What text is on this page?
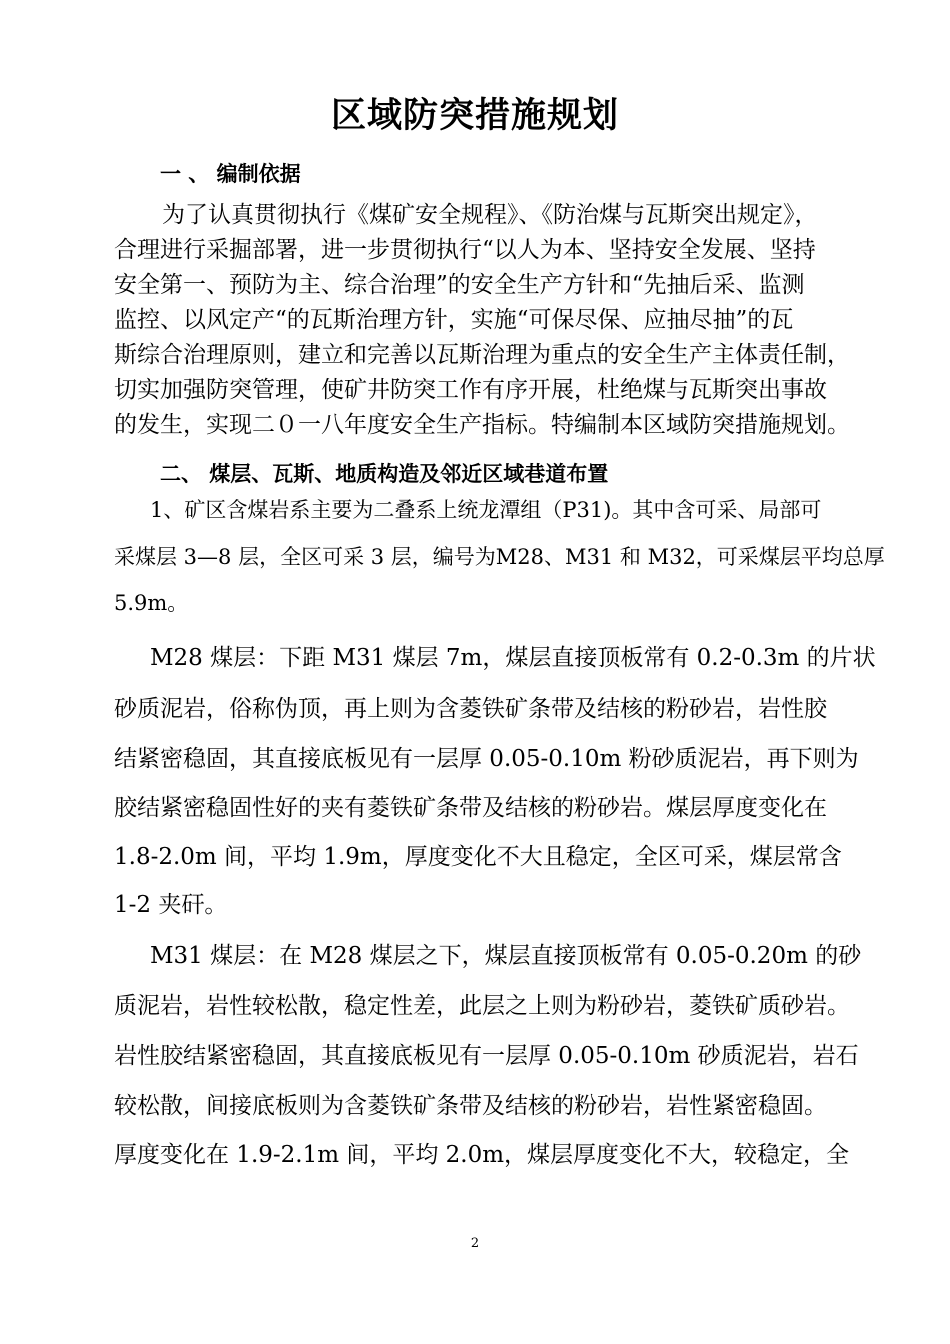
区域防突措施规划
一 、 编制依据
为了认真贯彻执行《煤矿安全规程》、《防治煤与瓦斯突出规定》，
合理进行采掘部署，进一步贯彻执行“以人为本、坚持安全发展、坚持
安全第一、预防为主、综合治理”的安全生产方针和“先抽后采、监测
监控、以风定产“的瓦斯治理方针，实施“可保尽保、应抽尽抽”的瓦
斯综合治理原则，建立和完善以瓦斯治理为重点的安全生产主体责任制，
切实加强防突管理，使矿井防突工作有序开展，杜绝煤与瓦斯突出事故
的发生，实现二０一八年度安全生产指标。特编制本区域防突措施规划。
二、 煤层、瓦斯、地质构造及邻近区域巷道布置
1、矿区含煤岩系主要为二叠系上统龙潭组（P31)。其中含可采、局部可
采煤层 3—8 层，全区可采 3 层，编号为M28、M31 和 M32，可采煤层平均总厚
5.9m。
M28 煤层：下距 M31 煤层 7m，煤层直接顶板常有 0.2-0.3m 的片状
砂质泥岩，俗称伪顶，再上则为含菱铁矿条带及结核的粉砂岩，岩性胶
结紧密稳固，其直接底板见有一层厚 0.05-0.10m 粉砂质泥岩，再下则为
胶结紧密稳固性好的夹有菱铁矿条带及结核的粉砂岩。煤层厚度变化在
1.8-2.0m 间，平均 1.9m，厚度变化不大且稳定，全区可采，煤层常含
1-2 夹矸。
M31 煤层：在 M28 煤层之下，煤层直接顶板常有 0.05-0.20m 的砂
质泥岩，岩性较松散，稳定性差，此层之上则为粉砂岩，菱铁矿质砂岩。
岩性胶结紧密稳固，其直接底板见有一层厚 0.05-0.10m 砂质泥岩，岩石
较松散，间接底板则为含菱铁矿条带及结核的粉砂岩，岩性紧密稳固。
厚度变化在 1.9-2.1m 间，平均 2.0m，煤层厚度变化不大，较稳定，全
2
